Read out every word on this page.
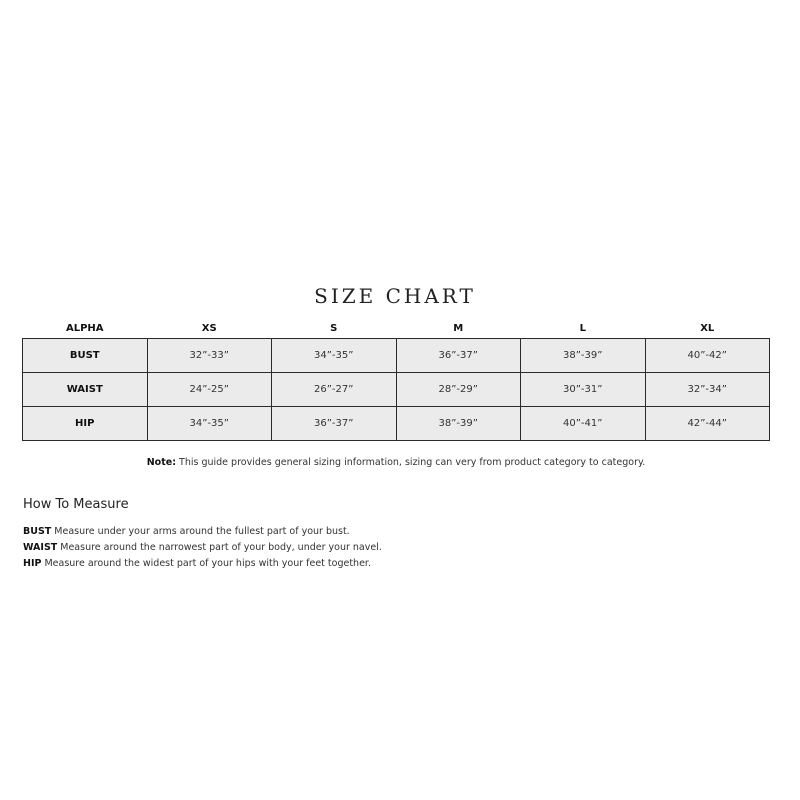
SIZE CHART
ALPHA	XS	S	M	L	XL
BUST	32”-33”	34”-35”	36”-37”	38”-39”	40”-42”
WAIST	24”-25”	26”-27”	28”-29”	30”-31”	32”-34”
HIP	34”-35”	36”-37”	38”-39”	40”-41”	42”-44”

Note: This guide provides general sizing information, sizing can very from product category to category.

How To Measure
BUST Measure under your arms around the fullest part of your bust.
WAIST Measure around the narrowest part of your body, under your navel.
HIP Measure around the widest part of your hips with your feet together.
